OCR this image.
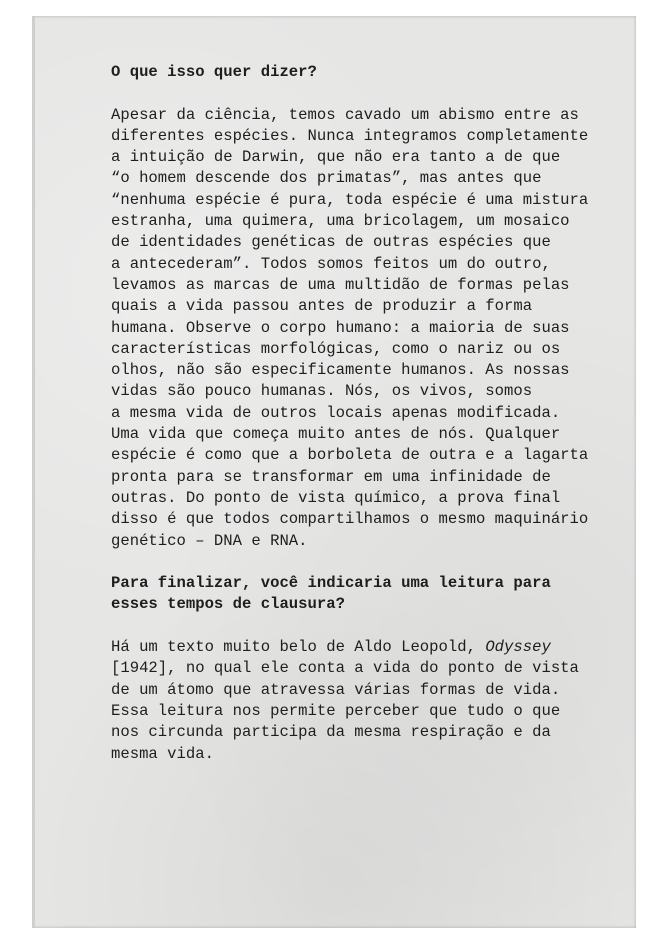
O que isso quer dizer?

Apesar da ciência, temos cavado um abismo entre as

diferentes espécies. Nunca integramos completamente

a intuição de Darwin, que não era tanto a de que

“o homem descende dos primatas”, mas antes que

“nenhuma espécie é pura, toda espécie é uma mistura

estranha, uma quimera, uma bricolagem, um mosaico

de identidades genéticas de outras espécies que

a antecederam”. Todos somos feitos um do outro,

levamos as marcas de uma multidão de formas pelas

quais a vida passou antes de produzir a forma

humana. Observe o corpo humano: a maioria de suas

características morfológicas, como o nariz ou os

olhos, não são especificamente humanos. As nossas

vidas são pouco humanas. Nós, os vivos, somos

a mesma vida de outros locais apenas modificada.

Uma vida que começa muito antes de nós. Qualquer

espécie é como que a borboleta de outra e a lagarta

pronta para se transformar em uma infinidade de

outras. Do ponto de vista químico, a prova final

disso é que todos compartilhamos o mesmo maquinário

genético – DNA e RNA.

Para finalizar, você indicaria uma leitura para

esses tempos de clausura?

Há um texto muito belo de Aldo Leopold, Odyssey

[1942], no qual ele conta a vida do ponto de vista

de um átomo que atravessa várias formas de vida.

Essa leitura nos permite perceber que tudo o que

nos circunda participa da mesma respiração e da

mesma vida.
